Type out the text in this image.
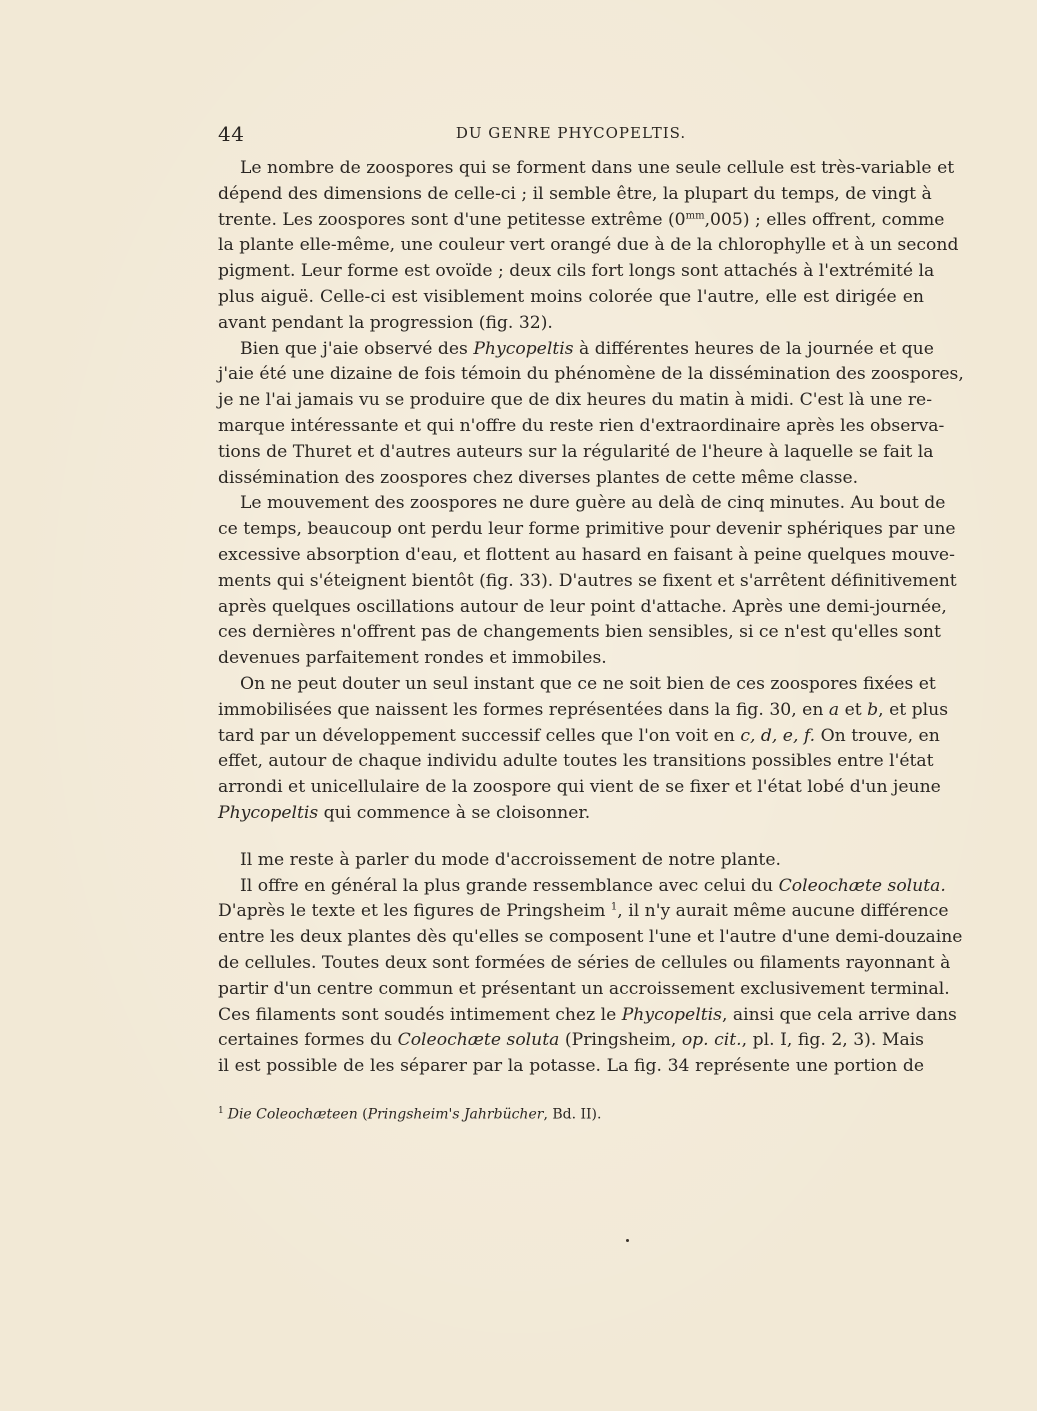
44	DU GENRE PHYCOPELTIS.
Le nombre de zoospores qui se forment dans une seule cellule est très-variable et
dépend des dimensions de celle-ci ; il semble être, la plupart du temps, de vingt à
trente. Les zoospores sont d'une petitesse extrême $(0^{mm},005)$ ; elles offrent, comme
la plante elle-même, une couleur vert orangé due à de la chlorophylle et à un second
pigment. Leur forme est ovoïde ; deux cils fort longs sont attachés à l'extrémité la
plus aiguë. Celle-ci est visiblement moins colorée que l'autre, elle est dirigée en
avant pendant la progression (fig. 32).
Bien que j'aie observé des Phycopeltis à différentes heures de la journée et que
j'aie été une dizaine de fois témoin du phénomène de la dissémination des zoospores,
je ne l'ai jamais vu se produire que de dix heures du matin à midi. C'est là une re-
marque intéressante et qui n'offre du reste rien d'extraordinaire après les observa-
tions de Thuret et d'autres auteurs sur la régularité de l'heure à laquelle se fait la
dissémination des zoospores chez diverses plantes de cette même classe.
Le mouvement des zoospores ne dure guère au delà de cinq minutes. Au bout de
ce temps, beaucoup ont perdu leur forme primitive pour devenir sphériques par une
excessive absorption d'eau, et flottent au hasard en faisant à peine quelques mouve-
ments qui s'éteignent bientôt (fig. 33). D'autres se fixent et s'arrêtent définitivement
après quelques oscillations autour de leur point d'attache. Après une demi-journée,
ces dernières n'offrent pas de changements bien sensibles, si ce n'est qu'elles sont
devenues parfaitement rondes et immobiles.
On ne peut douter un seul instant que ce ne soit bien de ces zoospores fixées et
immobilisées que naissent les formes représentées dans la fig. 30, en a et b, et plus
tard par un développement successif celles que l'on voit en c, d, e, f. On trouve, en
effet, autour de chaque individu adulte toutes les transitions possibles entre l'état
arrondi et unicellulaire de la zoospore qui vient de se fixer et l'état lobé d'un jeune
Phycopeltis qui commence à se cloisonner.
Il me reste à parler du mode d'accroissement de notre plante.
Il offre en général la plus grande ressemblance avec celui du Coleochæte soluta.
D'après le texte et les figures de Pringsheim $^1$, il n'y aurait même aucune différence
entre les deux plantes dès qu'elles se composent l'une et l'autre d'une demi-douzaine
de cellules. Toutes deux sont formées de séries de cellules ou filaments rayonnant à
partir d'un centre commun et présentant un accroissement exclusivement terminal.
Ces filaments sont soudés intimement chez le Phycopeltis, ainsi que cela arrive dans
certaines formes du Coleochæte soluta (Pringsheim, op. cit., pl. I, fig. 2, 3). Mais
il est possible de les séparer par la potasse. La fig. 34 représente une portion de
$^1$ Die Coleochæteen (Pringsheim's Jahrbücher, Bd. II).
